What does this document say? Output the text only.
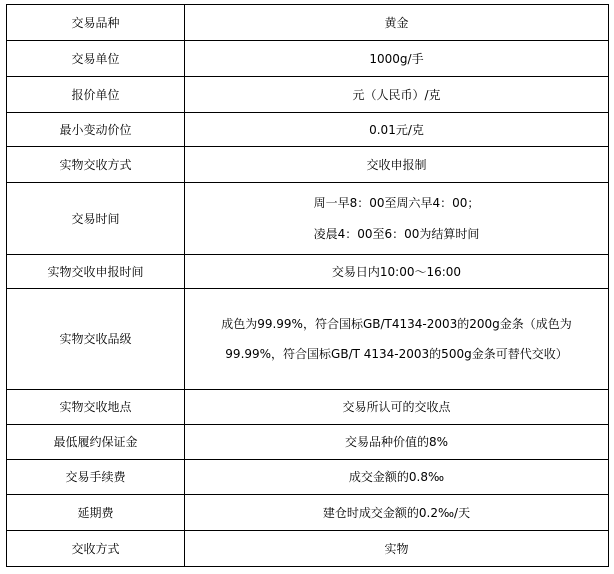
交易品种	黄金

交易单位	1000g/手

报价单位	元（人民币）/克

最小变动价位	0.01元/克

实物交收方式	交收申报制

交易时间	周一早8：00至周六早4：00；
凌晨4：00至6：00为结算时间

实物交收申报时间	交易日内10:00～16:00

实物交收品级	成色为99.99%，符合国标GB/T4134-2003的200g金条（成色为
99.99%，符合国标GB/T 4134-2003的500g金条可替代交收）

实物交收地点	交易所认可的交收点

最低履约保证金	交易品种价值的8%

交易手续费	成交金额的0.8‰

延期费	建仓时成交金额的0.2‰/天

交收方式	实物
